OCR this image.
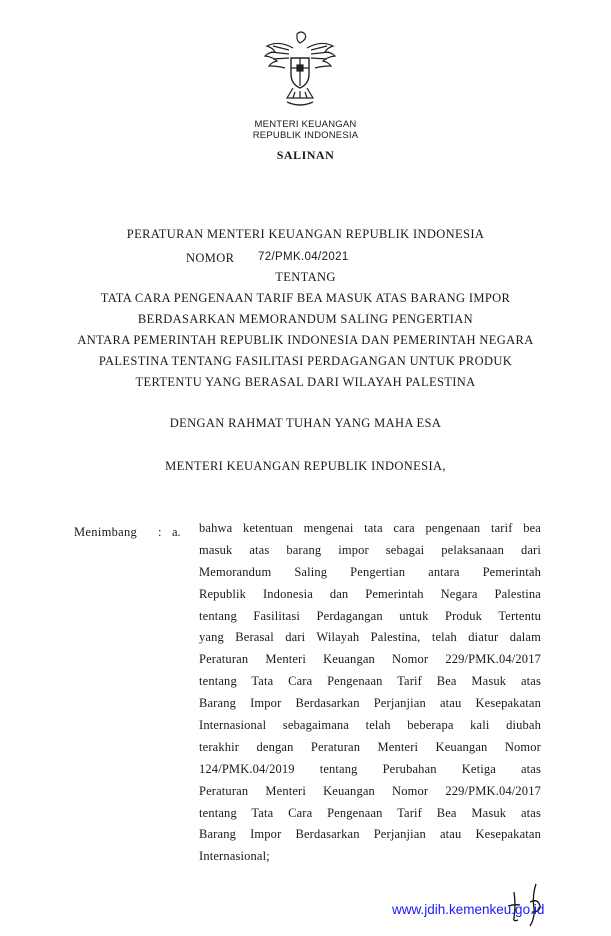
MENTERI KEUANGAN
REPUBLIK INDONESIA
SALINAN
PERATURAN MENTERI KEUANGAN REPUBLIK INDONESIA
NOMOR 72/PMK.04/2021
TENTANG
TATA CARA PENGENAAN TARIF BEA MASUK ATAS BARANG IMPOR
BERDASARKAN MEMORANDUM SALING PENGERTIAN
ANTARA PEMERINTAH REPUBLIK INDONESIA DAN PEMERINTAH NEGARA
PALESTINA TENTANG FASILITASI PERDAGANGAN UNTUK PRODUK
TERTENTU YANG BERASAL DARI WILAYAH PALESTINA
DENGAN RAHMAT TUHAN YANG MAHA ESA
MENTERI KEUANGAN REPUBLIK INDONESIA,
Menimbang : a. bahwa ketentuan mengenai tata cara pengenaan tarif bea
masuk atas barang impor sebagai pelaksanaan dari
Memorandum Saling Pengertian antara Pemerintah
Republik Indonesia dan Pemerintah Negara Palestina
tentang Fasilitasi Perdagangan untuk Produk Tertentu
yang Berasal dari Wilayah Palestina, telah diatur dalam
Peraturan Menteri Keuangan Nomor 229/PMK.04/2017
tentang Tata Cara Pengenaan Tarif Bea Masuk atas
Barang Impor Berdasarkan Perjanjian atau Kesepakatan
Internasional sebagaimana telah beberapa kali diubah
terakhir dengan Peraturan Menteri Keuangan Nomor
124/PMK.04/2019 tentang Perubahan Ketiga atas
Peraturan Menteri Keuangan Nomor 229/PMK.04/2017
tentang Tata Cara Pengenaan Tarif Bea Masuk atas
Barang Impor Berdasarkan Perjanjian atau Kesepakatan
Internasional;
www.jdih.kemenkeu.go.id
